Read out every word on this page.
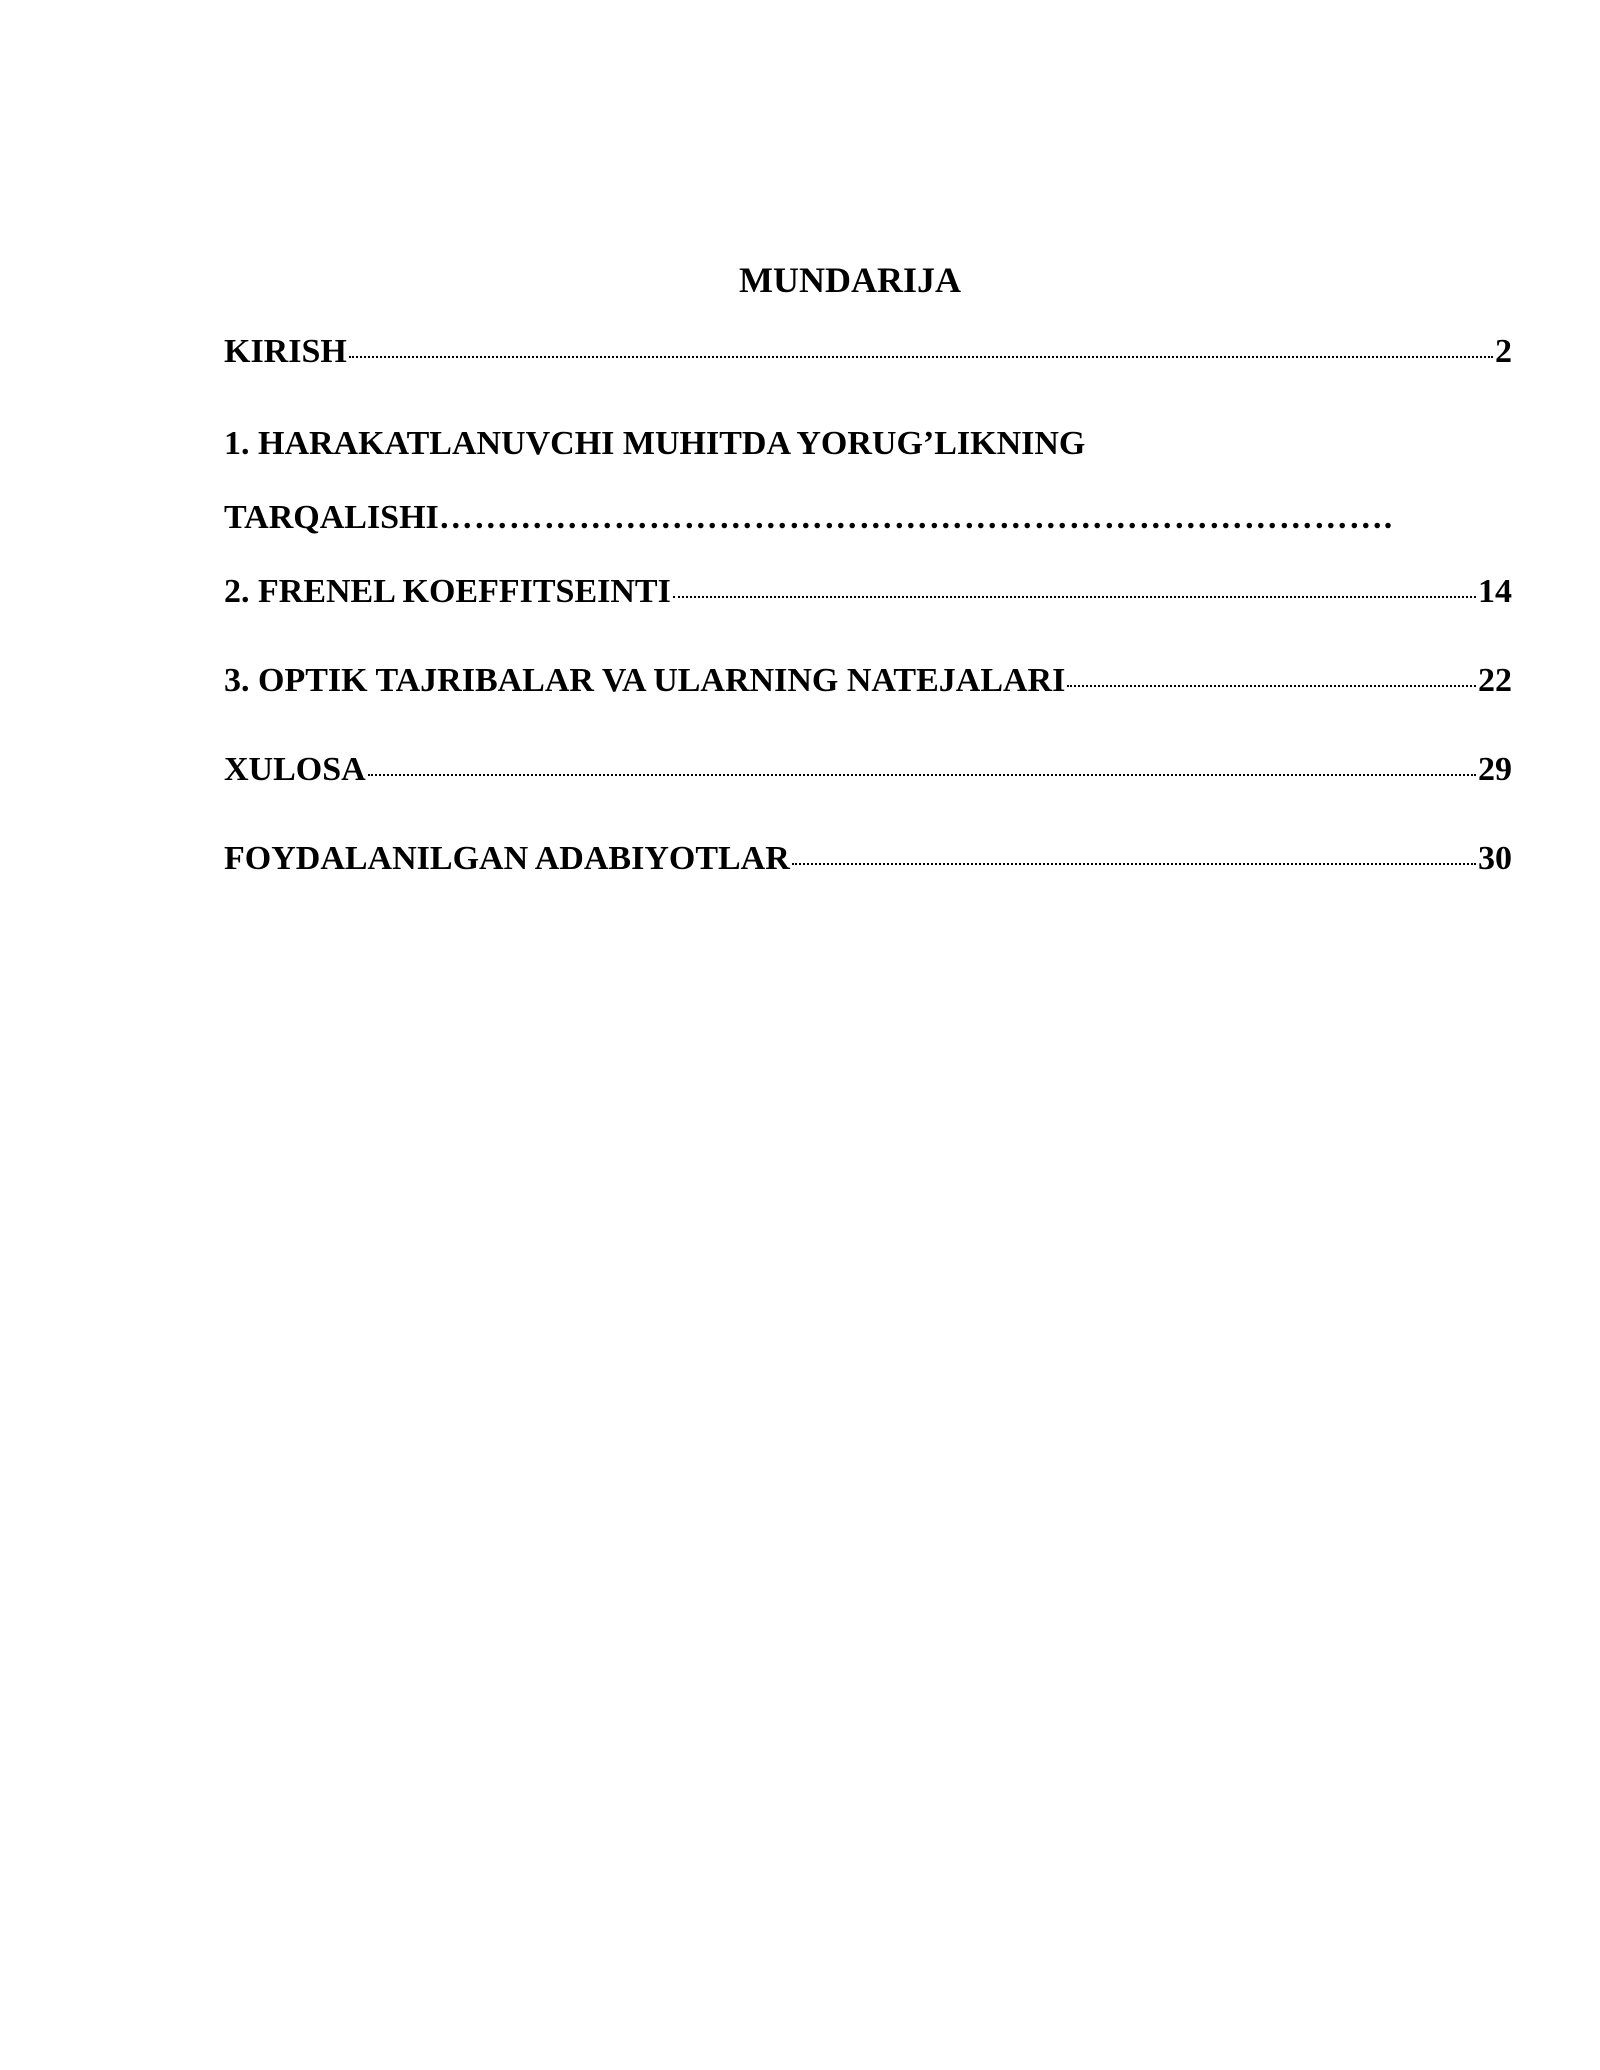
MUNDARIJA
KIRISH	2
1. HARAKATLANUVCHI MUHITDA YORUG’LIKNING
TARQALISHI……………………………………………………………………….
2. FRENEL KOEFFITSEINTI	14
3. OPTIK TAJRIBALAR VA ULARNING NATEJALARI	22
XULOSA	29
FOYDALANILGAN ADABIYOTLAR	30
